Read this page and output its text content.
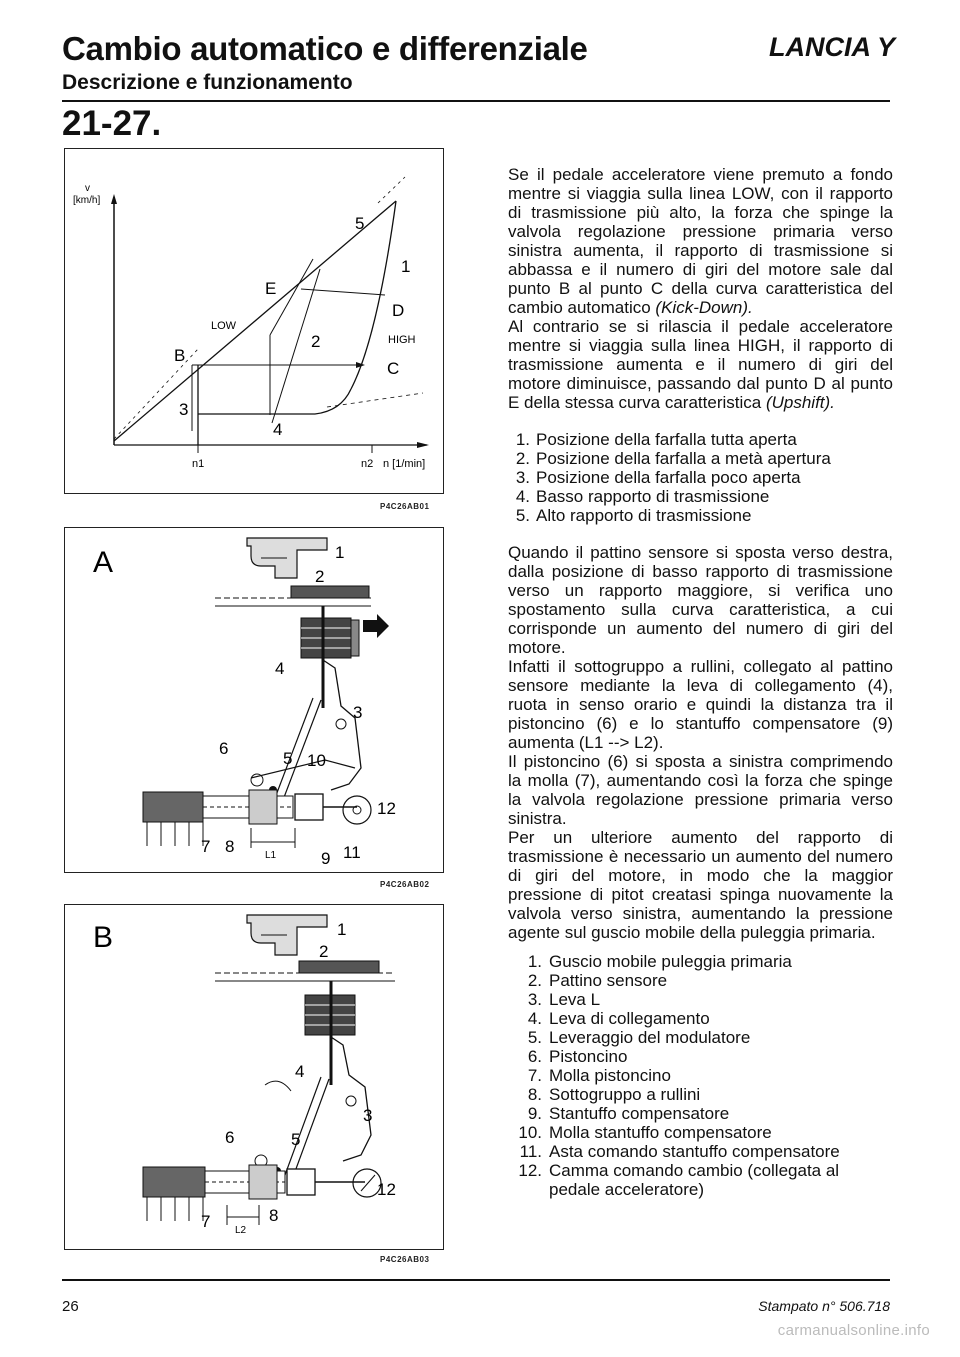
Cambio automatico e differenziale	LANCIA Y
Descrizione e funzionamento
21-27.
v
[km/h]
5
1
E
D
LOW
2	HIGH
B
C
3
4
n1	n2 n [1/min]
P4C26AB01
A	1
2
3
4
5
6
7 8
9
10
11
12
L1
P4C26AB02
B	1
2
3
4
5
6
7	8
12
L2
P4C26AB03

Se il pedale acceleratore viene premuto a fondo mentre si viaggia sulla linea LOW, con il rapporto di trasmissione più alto, la forza che spinge la valvola regolazione pressione primaria verso sinistra aumenta, il rapporto di trasmissione si abbassa e il numero di giri del motore sale dal punto B al punto C della curva caratteristica del cambio automatico (Kick-Down).

Al contrario se si rilascia il pedale acceleratore mentre si viaggia sulla linea HIGH, il rapporto di trasmissione aumenta e il numero di giri del motore diminuisce, passando dal punto D al punto E della stessa curva caratteristica (Upshift).

1. Posizione della farfalla tutta aperta
2. Posizione della farfalla a metà apertura
3. Posizione della farfalla poco aperta
4. Basso rapporto di trasmissione
5. Alto rapporto di trasmissione

Quando il pattino sensore si sposta verso destra, dalla posizione di basso rapporto di trasmissione verso un rapporto maggiore, si verifica uno spostamento sulla curva caratteristica, a cui corrisponde un aumento del numero di giri del motore.

Infatti il sottogruppo a rullini, collegato al pattino sensore mediante la leva di collegamento (4), ruota in senso orario e quindi la distanza tra il pistoncino (6) e lo stantuffo compensatore (9) aumenta (L1 --> L2).

Il pistoncino (6) si sposta a sinistra comprimendo la molla (7), aumentando così la forza che spinge la valvola regolazione pressione primaria verso sinistra.

Per un ulteriore aumento del rapporto di trasmissione è necessario un aumento del numero di giri del motore, in modo che la maggior pressione di pitot creatasi spinga nuovamente la valvola verso sinistra, aumentando la pressione agente sul guscio mobile della puleggia primaria.

1. Guscio mobile puleggia primaria
2. Pattino sensore
3. Leva L
4. Leva di collegamento
5. Leveraggio del modulatore
6. Pistoncino
7. Molla pistoncino
8. Sottogruppo a rullini
9. Stantuffo compensatore
10. Molla stantuffo compensatore
11. Asta comando stantuffo compensatore
12. Camma comando cambio (collegata al pedale acceleratore)
26	Stampato n° 506.718
carmanualsonline.info
